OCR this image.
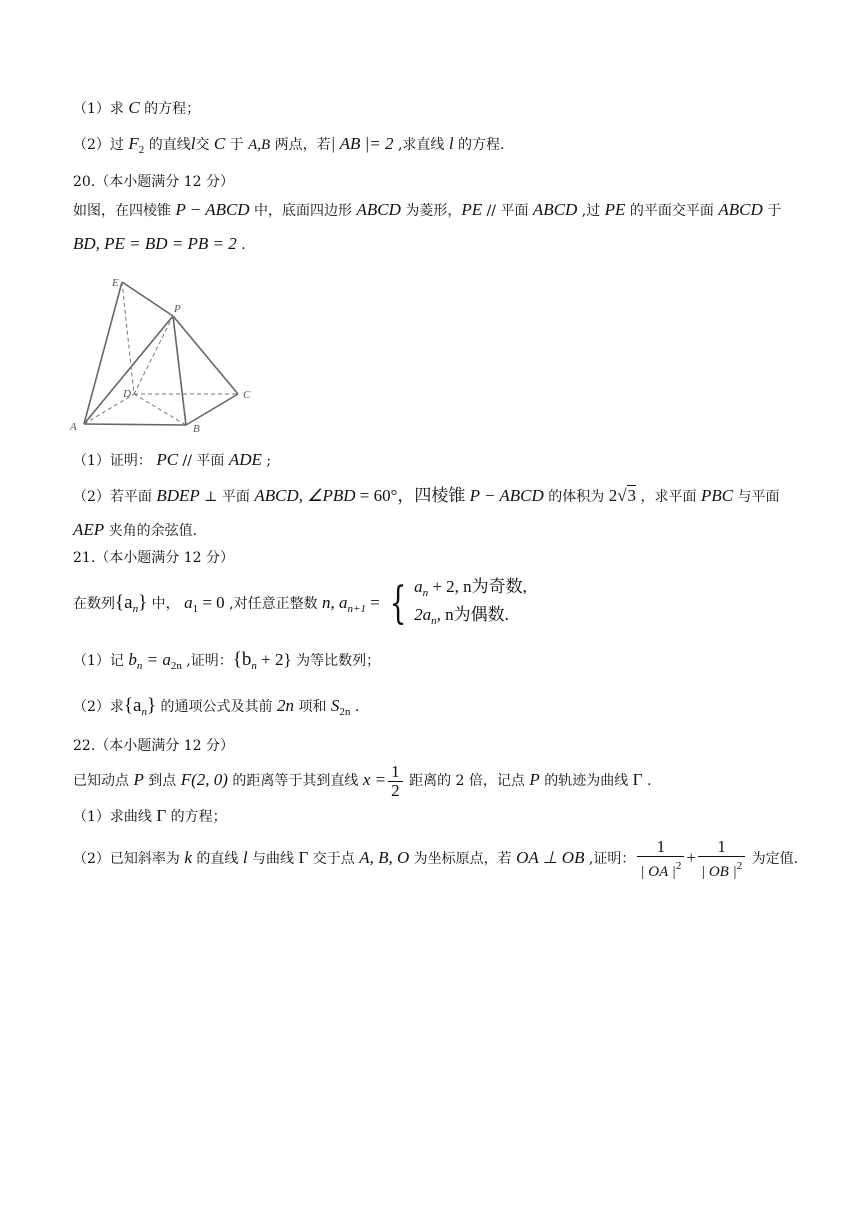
（1）求 C 的方程；
（2）过 $F_2$ 的直线l交 C 于 A,B 两点，若| AB |= 2 ,求直线 l 的方程.
20.（本小题满分 12 分）
如图，在四棱锥 P − ABCD 中，底面四边形 ABCD 为菱形，PE // 平面 ABCD ,过 PE 的平面交平面 ABCD 于
BD, PE = BD = PB = 2 .
E
P
D	C
A	B
（1）证明： PC // 平面 ADE ;
（2）若平面 BDEP ⊥ 平面 ABCD, ∠PBD = 60°，四棱锥 P − ABCD 的体积为 2√3 ，求平面 PBC 与平面
AEP 夹角的余弦值.
21.（本小题满分 12 分）
在数列$\{a_n\}$ 中， $a_1 = 0$ ,对任意正整数 n, $a_{n+1}$ = { $a_n + 2$, n为奇数,
$2a_n$, n为偶数.
（1）记 $b_n = a_{2n}$ ,证明：$\{b_n + 2\}$ 为等比数列；
（2）求$\{a_n\}$ 的通项公式及其前 2n 项和 $S_{2n}$ .
22.（本小题满分 12 分）
已知动点 P 到点 F(2, 0) 的距离等于其到直线 $x = \frac{1}{2}$ 距离的 2 倍，记点 P 的轨迹为曲线 Γ .
（1）求曲线 Γ 的方程；
（2）已知斜率为 k 的直线 l 与曲线 Γ 交于点 A, B, O 为坐标原点，若 OA ⊥ OB ,证明： $\frac{1}{| OA |^2} + \frac{1}{| OB |^2}$ 为定值.
